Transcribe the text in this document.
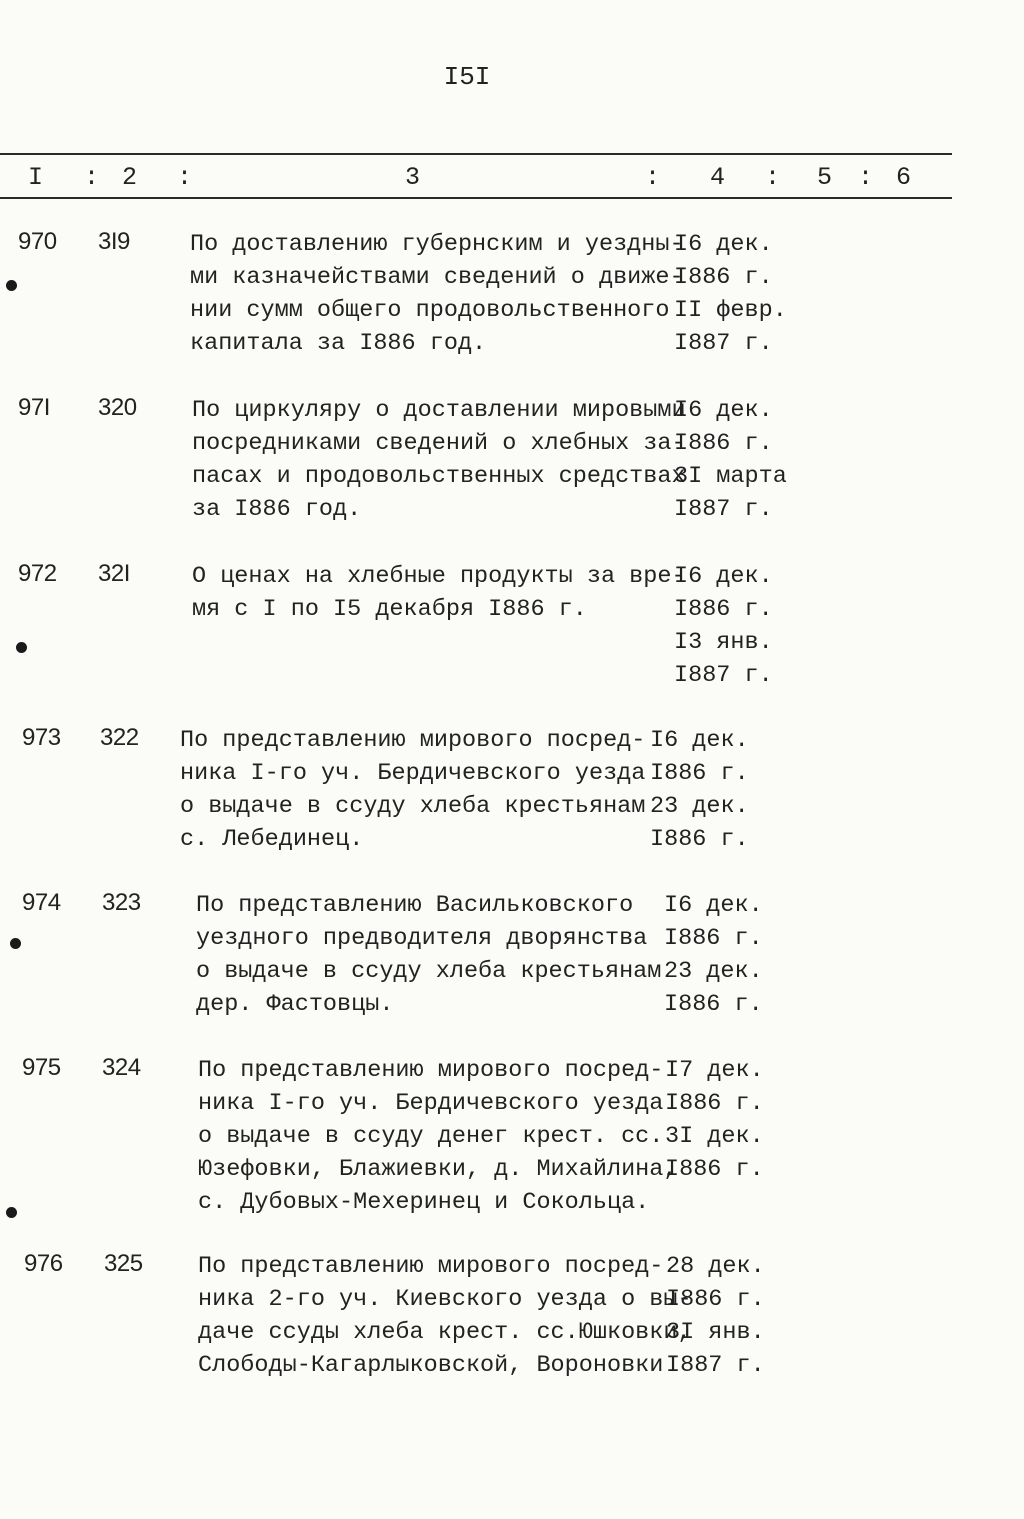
I5I
I : 2 :	3	: 4 : 5 : 6
970 3I9	По доставлению губернским и уездны-
ми казначействами сведений о движе-
нии сумм общего продовольственного
капитала за I886 год.
I6 дек.
I886 г.
II февр.
I887 г.
97I 320 По циркуляру о доставлении мировыми
посредниками сведений о хлебных за-
пасах и продовольственных средствах
за I886 год.
I6 дек.
I886 г.
3I марта
I887 г.
972 32I	О ценах на хлебные продукты за вре-
мя с I по I5 декабря I886 г.
I6 дек.
I886 г.
I3 янв.
I887 г.
973 322 По представлению мирового посред-
ника I-го уч. Бердичевского уезда
о выдаче в ссуду хлеба крестьянам
с. Лебединец.
I6 дек.
I886 г.
23 дек.
I886 г.
974 323 По представлению Васильковского
уездного предводителя дворянства
о выдаче в ссуду хлеба крестьянам
дер. Фастовцы.
I6 дек.
I886 г.
23 дек.
I886 г.
975 324 По представлению мирового посред-
ника I-го уч. Бердичевского уезда
о выдаче в ссуду денег крест. сс.
Юзефовки, Блажиевки, д. Михайлина,
с. Дубовых-Мехеринец и Сокольца.
I7 дек.
I886 г.
3I дек.
I886 г.
976 325 По представлению мирового посред-
ника 2-го уч. Киевского уезда о вы-
даче ссуды хлеба крест. сс.Юшковки,
Слободы-Кагарлыковской, Вороновки
28 дек.
I886 г.
3I янв.
I887 г.
